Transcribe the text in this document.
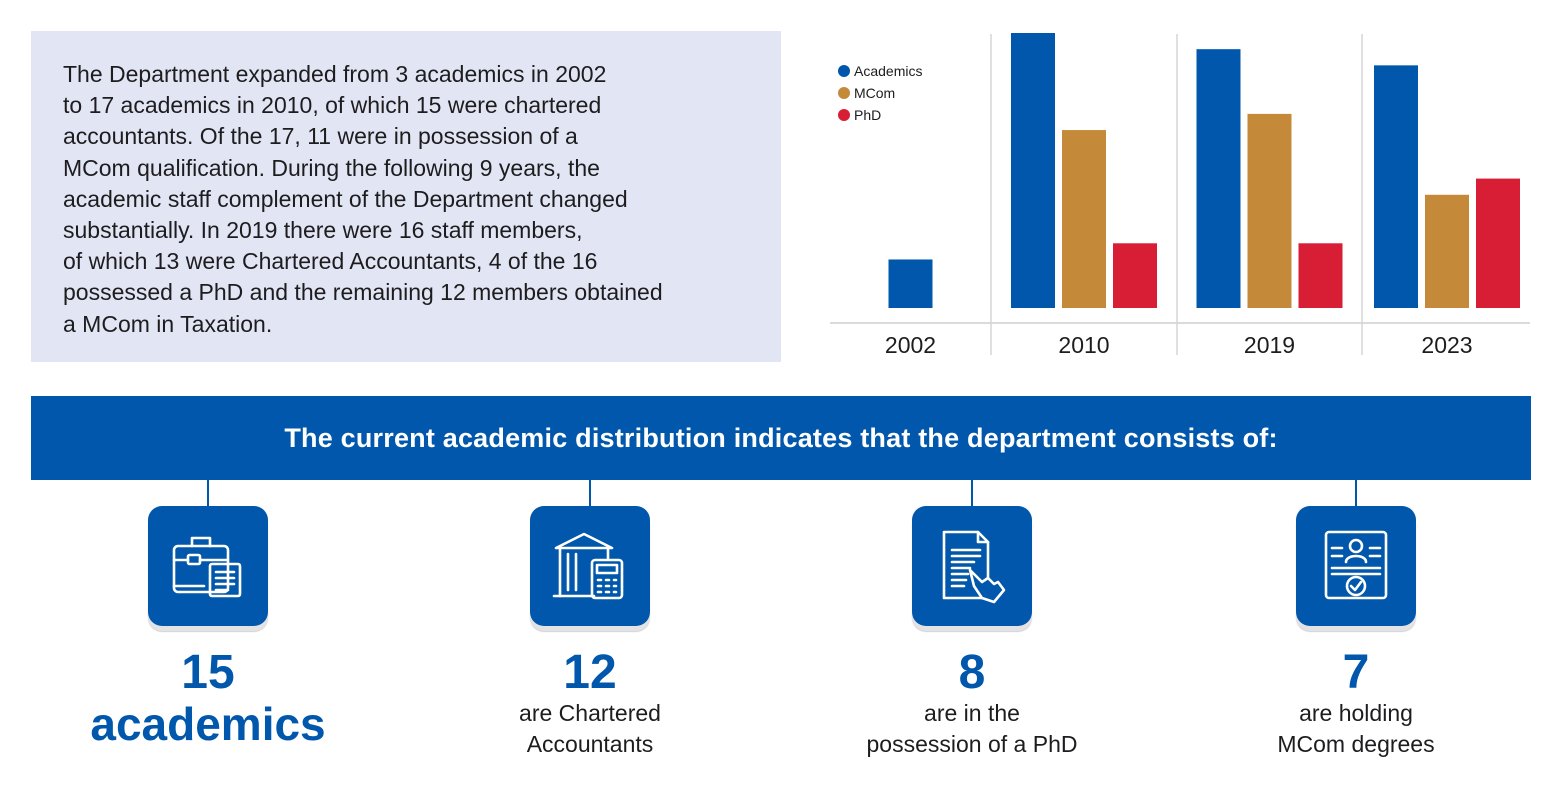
The Department expanded from 3 academics in 2002
to 17 academics in 2010, of which 15 were chartered
accountants. Of the 17, 11 were in possession of a
MCom qualification. During the following 9 years, the
academic staff complement of the Department changed
substantially. In 2019 there were 16 staff members,
of which 13 were Chartered Accountants, 4 of the 16
possessed a PhD and the remaining 12 members obtained
a MCom in Taxation.

2002	2010	2019	2023
Academics
MCom
PhD
The current academic distribution indicates that the department consists of:
15
academics
12
are Chartered
Accountants
8
are in the
possession of a PhD
7
are holding
MCom degrees
